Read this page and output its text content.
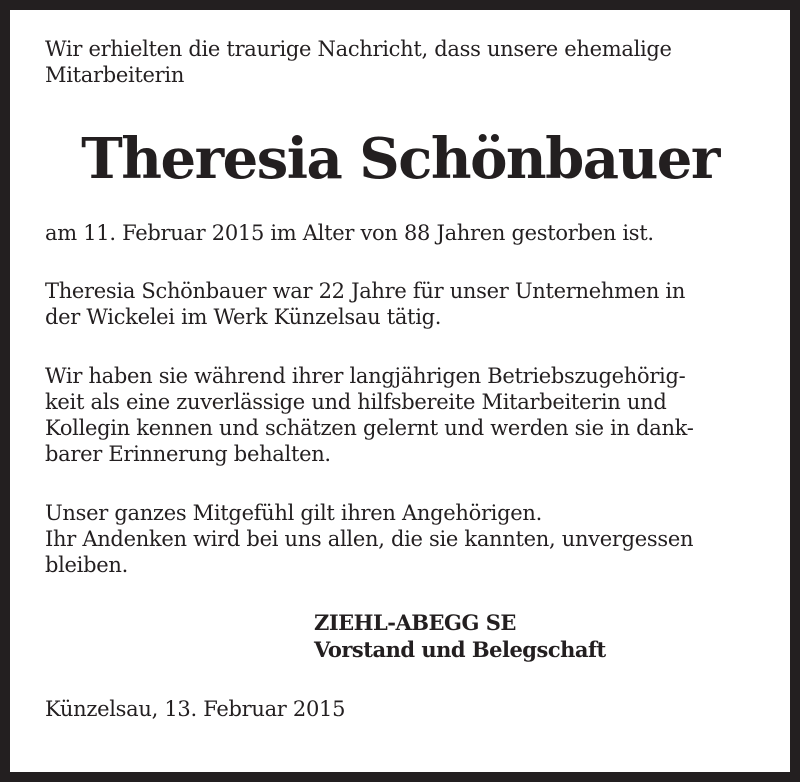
Wir erhielten die traurige Nachricht, dass unsere ehemalige
Mitarbeiterin
Theresia Schönbauer
am 11. Februar 2015 im Alter von 88 Jahren gestorben ist.
Theresia Schönbauer war 22 Jahre für unser Unternehmen in
der Wickelei im Werk Künzelsau tätig.
Wir haben sie während ihrer langjährigen Betriebszugehörig-
keit als eine zuverlässige und hilfsbereite Mitarbeiterin und
Kollegin kennen und schätzen gelernt und werden sie in dank-
barer Erinnerung behalten.
Unser ganzes Mitgefühl gilt ihren Angehörigen.
Ihr Andenken wird bei uns allen, die sie kannten, unvergessen
bleiben.
ZIEHL-ABEGG SE
Vorstand und Belegschaft
Künzelsau, 13. Februar 2015
